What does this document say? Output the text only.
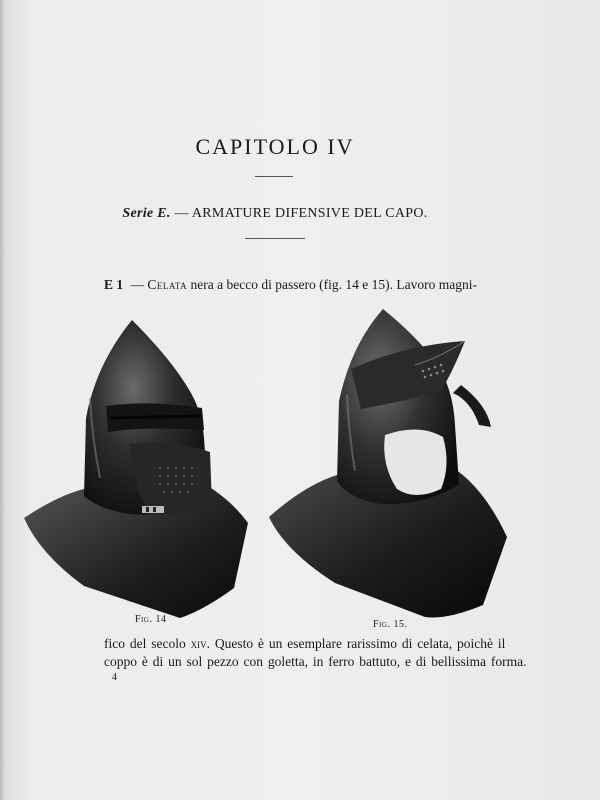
CAPITOLO IV
Serie E. — ARMATURE DIFENSIVE DEL CAPO.
E 1 — Celata nera a becco di passero (fig. 14 e 15). Lavoro magni-
Fig. 14	Fig. 15.
fico del secolo xiv. Questo è un esemplare rarissimo di celata, poichè il
coppo è di un sol pezzo con goletta, in ferro battuto, e di bellissima forma.
4
